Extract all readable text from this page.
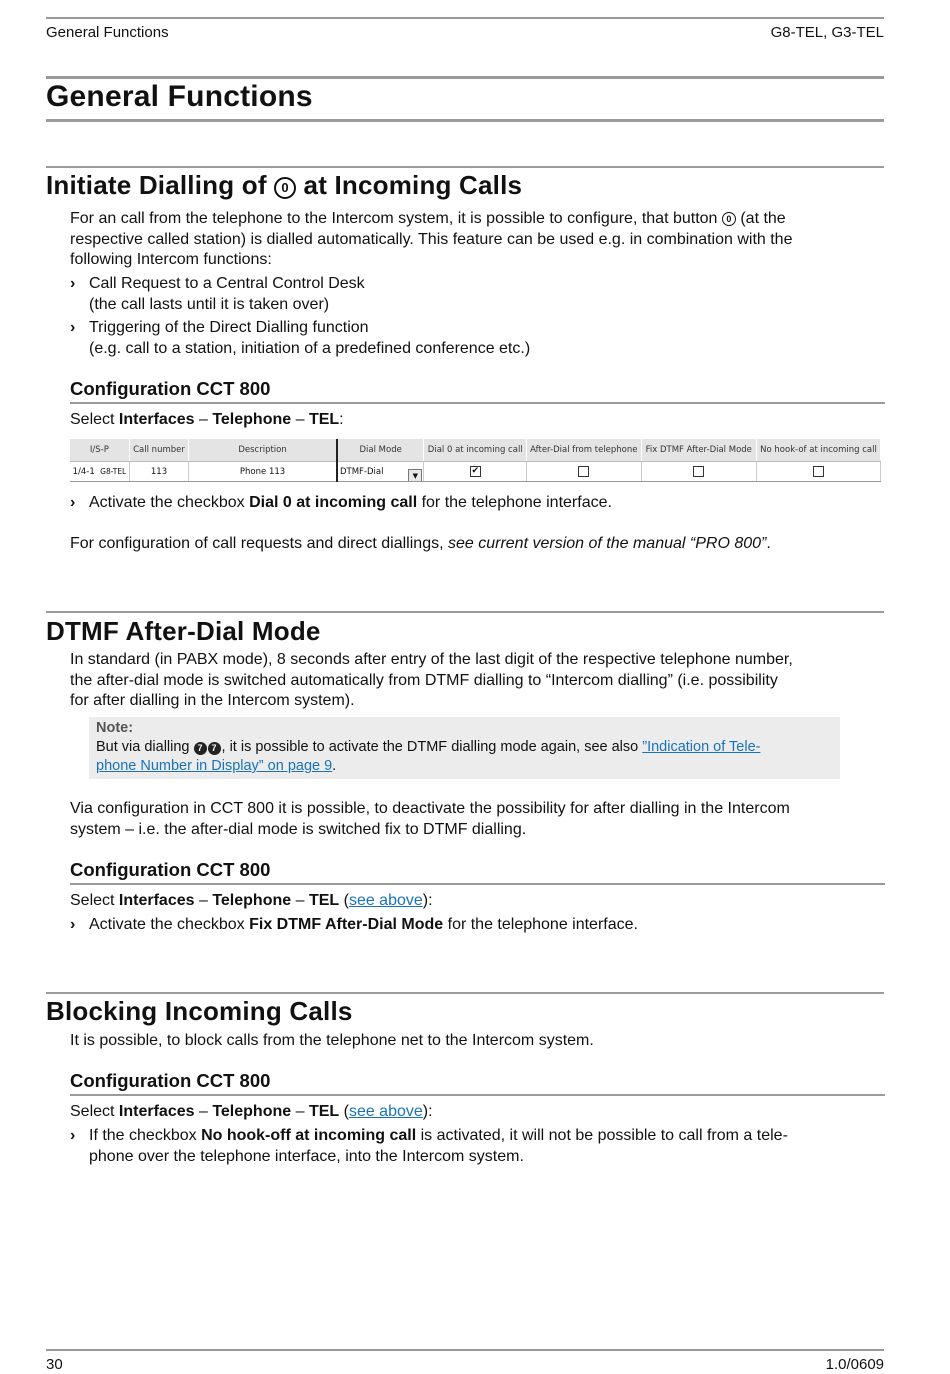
General Functions	G8-TEL, G3-TEL
General Functions
Initiate Dialling of 0 at Incoming Calls
For an call from the telephone to the Intercom system, it is possible to configure, that button 0 (at the
respective called station) is dialled automatically. This feature can be used e.g. in combination with the
following Intercom functions:
› Call Request to a Central Control Desk
(the call lasts until it is taken over)
› Triggering of the Direct Dialling function
(e.g. call to a station, initiation of a predefined conference etc.)
Configuration CCT 800
Select Interfaces – Telephone – TEL:
I/S-P	Call number	Description	Dial Mode	Dial 0 at incoming call	After-Dial from telephone	Fix DTMF After-Dial Mode	No hook-of at incoming call
1/4-1 G8-TEL	113	Phone 113	DTMF-Dial ▼	✔			
› Activate the checkbox Dial 0 at incoming call for the telephone interface.
For configuration of call requests and direct diallings, see current version of the manual “PRO 800”.
DTMF After-Dial Mode
In standard (in PABX mode), 8 seconds after entry of the last digit of the respective telephone number,
the after-dial mode is switched automatically from DTMF dialling to “Intercom dialling” (i.e. possibility
for after dialling in the Intercom system).
Note:
But via dialling 7 7 , it is possible to activate the DTMF dialling mode again, see also ”Indication of Tele-
phone Number in Display” on page 9.
Via configuration in CCT 800 it is possible, to deactivate the possibility for after dialling in the Intercom
system – i.e. the after-dial mode is switched fix to DTMF dialling.
Configuration CCT 800
Select Interfaces – Telephone – TEL (see above):
› Activate the checkbox Fix DTMF After-Dial Mode for the telephone interface.
Blocking Incoming Calls
It is possible, to block calls from the telephone net to the Intercom system.
Configuration CCT 800
Select Interfaces – Telephone – TEL (see above):
› If the checkbox No hook-off at incoming call is activated, it will not be possible to call from a tele-
phone over the telephone interface, into the Intercom system.
30	1.0/0609
